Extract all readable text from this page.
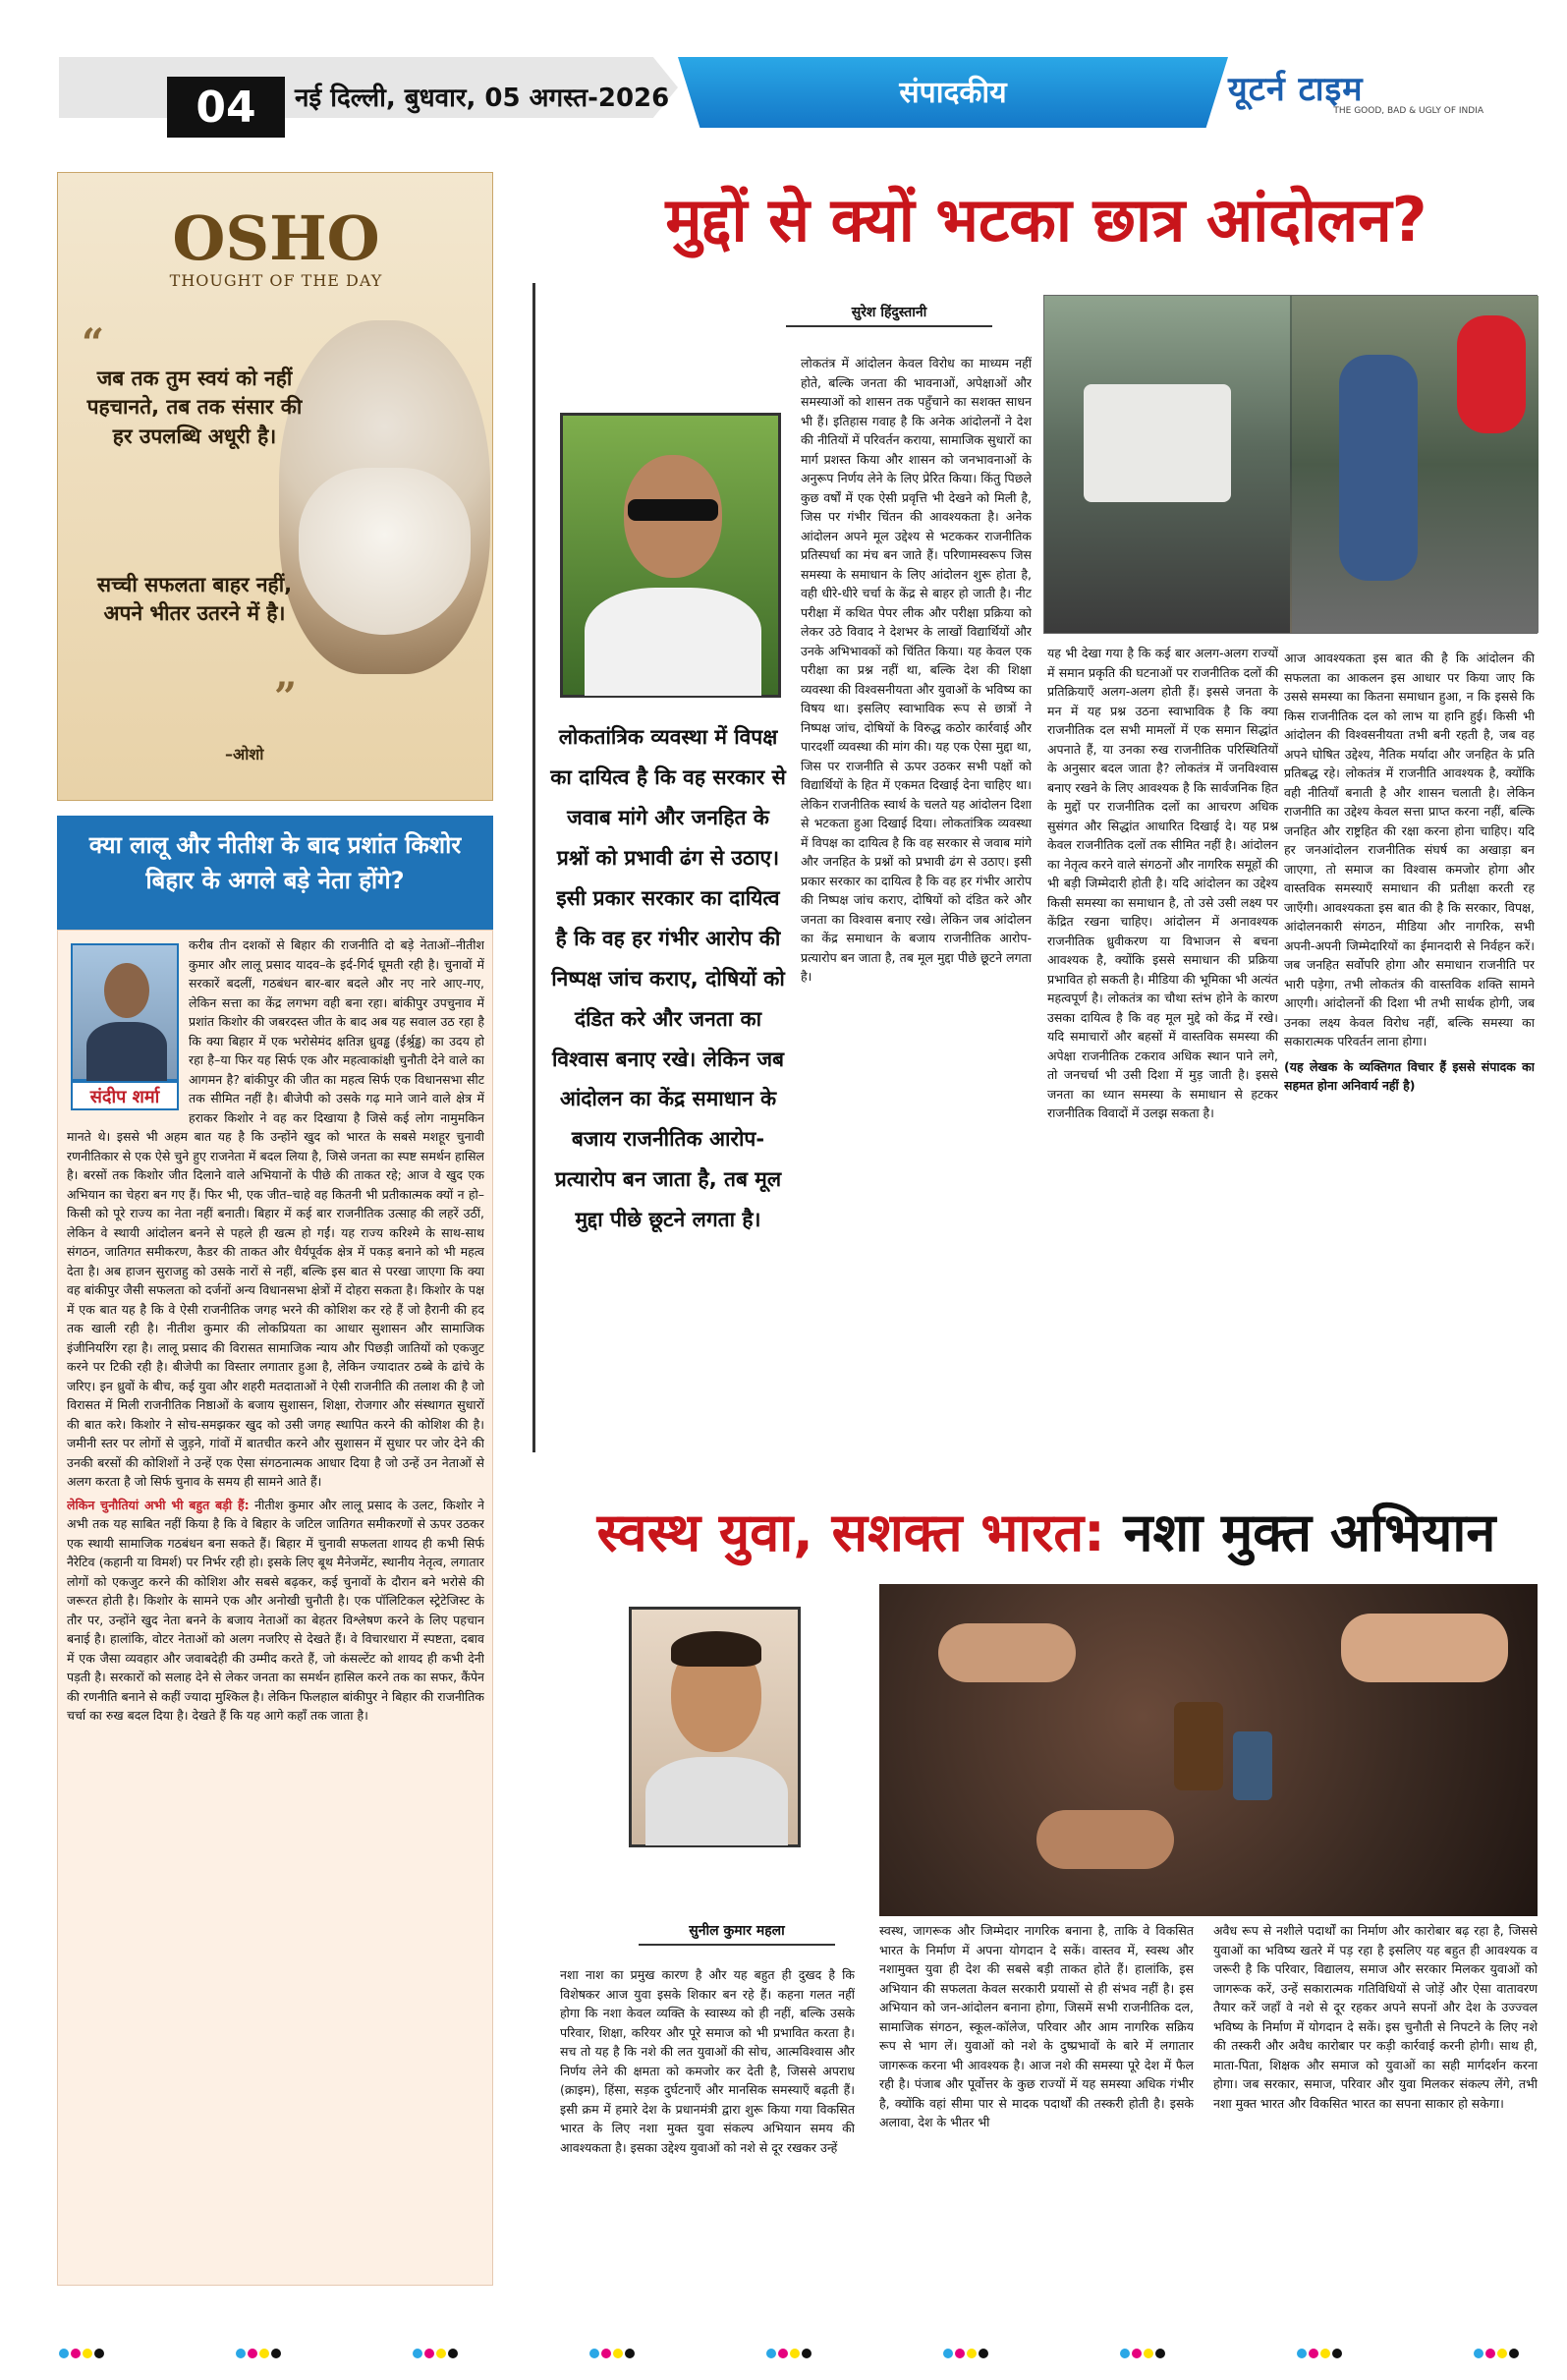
04	नई दिल्ली, बुधवार, 05 अगस्त-2026	संपादकीय	यूटर्न टाइम
THE GOOD, BAD & UGLY OF INDIA
OSHO
THOUGHT OF THE DAY
“
जब तक तुम स्वयं को नहीं पहचानते, तब तक संसार की हर उपलब्धि अधूरी है।
सच्ची सफलता बाहर नहीं, अपने भीतर उतरने में है।
”
–ओशो
क्या लालू और नीतीश के बाद प्रशांत किशोर बिहार के अगले बड़े नेता होंगे?
संदीप शर्मा

करीब तीन दशकों से बिहार की राजनीति दो बड़े नेताओं–नीतीश कुमार और लालू प्रसाद यादव–के इर्द-गिर्द घूमती रही है। चुनावों में सरकारें बदलीं, गठबंधन बार-बार बदले और नए नारे आए-गए, लेकिन सत्ता का केंद्र लगभग वही बना रहा। बांकीपुर उपचुनाव में प्रशांत किशोर की जबरदस्त जीत के बाद अब यह सवाल उठ रहा है कि क्या बिहार में एक भरोसेमंद क्षतिज्ञ ध्रुवड्ढ (ईर्श्र्रड्ढ) का उदय हो रहा है–या फिर यह सिर्फ एक और महत्वाकांक्षी चुनौती देने वाले का आगमन है? बांकीपुर की जीत का महत्व सिर्फ एक विधानसभा सीट तक सीमित नहीं है। बीजेपी को उसके गढ़ माने जाने वाले क्षेत्र में हराकर किशोर ने वह कर दिखाया है जिसे कई लोग नामुमकिन मानते थे। इससे भी अहम बात यह है कि उन्होंने खुद को भारत के सबसे मशहूर चुनावी रणनीतिकार से एक ऐसे चुने हुए राजनेता में बदल लिया है, जिसे जनता का स्पष्ट समर्थन हासिल है। बरसों तक किशोर जीत दिलाने वाले अभियानों के पीछे की ताकत रहे; आज वे खुद एक अभियान का चेहरा बन गए हैं। फिर भी, एक जीत–चाहे वह कितनी भी प्रतीकात्मक क्यों न हो–किसी को पूरे राज्य का नेता नहीं बनाती। बिहार में कई बार राजनीतिक उत्साह की लहरें उठीं, लेकिन वे स्थायी आंदोलन बनने से पहले ही खत्म हो गईं। यह राज्य करिश्मे के साथ-साथ संगठन, जातिगत समीकरण, कैडर की ताकत और धैर्यपूर्वक क्षेत्र में पकड़ बनाने को भी महत्व देता है। अब हाजन सुराजहु को उसके नारों से नहीं, बल्कि इस बात से परखा जाएगा कि क्या वह बांकीपुर जैसी सफलता को दर्जनों अन्य विधानसभा क्षेत्रों में दोहरा सकता है। किशोर के पक्ष में एक बात यह है कि वे ऐसी राजनीतिक जगह भरने की कोशिश कर रहे हैं जो हैरानी की हद तक खाली रही है। नीतीश कुमार की लोकप्रियता का आधार सुशासन और सामाजिक इंजीनियरिंग रहा है। लालू प्रसाद की विरासत सामाजिक न्याय और पिछड़ी जातियों को एकजुट करने पर टिकी रही है। बीजेपी का विस्तार लगातार हुआ है, लेकिन ज्यादातर ठब्बे के ढांचे के जरिए। इन ध्रुवों के बीच, कई युवा और शहरी मतदाताओं ने ऐसी राजनीति की तलाश की है जो विरासत में मिली राजनीतिक निष्ठाओं के बजाय सुशासन, शिक्षा, रोजगार और संस्थागत सुधारों की बात करे। किशोर ने सोच-समझकर खुद को उसी जगह स्थापित करने की कोशिश की है। जमीनी स्तर पर लोगों से जुड़ने, गांवों में बातचीत करने और सुशासन में सुधार पर जोर देने की उनकी बरसों की कोशिशों ने उन्हें एक ऐसा संगठनात्मक आधार दिया है जो उन्हें उन नेताओं से अलग करता है जो सिर्फ चुनाव के समय ही सामने आते हैं।

लेकिन चुनौतियां अभी भी बहुत बड़ी हैं: नीतीश कुमार और लालू प्रसाद के उलट, किशोर ने अभी तक यह साबित नहीं किया है कि वे बिहार के जटिल जातिगत समीकरणों से ऊपर उठकर एक स्थायी सामाजिक गठबंधन बना सकते हैं। बिहार में चुनावी सफलता शायद ही कभी सिर्फ नैरेटिव (कहानी या विमर्श) पर निर्भर रही हो। इसके लिए बूथ मैनेजमेंट, स्थानीय नेतृत्व, लगातार लोगों को एकजुट करने की कोशिश और सबसे बढ़कर, कई चुनावों के दौरान बने भरोसे की जरूरत होती है। किशोर के सामने एक और अनोखी चुनौती है। एक पॉलिटिकल स्ट्रेटेजिस्ट के तौर पर, उन्होंने खुद नेता बनने के बजाय नेताओं का बेहतर विश्लेषण करने के लिए पहचान बनाई है। हालांकि, वोटर नेताओं को अलग नजरिए से देखते हैं। वे विचारधारा में स्पष्टता, दबाव में एक जैसा व्यवहार और जवाबदेही की उम्मीद करते हैं, जो कंसल्टेंट को शायद ही कभी देनी पड़ती है। सरकारों को सलाह देने से लेकर जनता का समर्थन हासिल करने तक का सफर, कैंपेन की रणनीति बनाने से कहीं ज्यादा मुश्किल है। लेकिन फिलहाल बांकीपुर ने बिहार की राजनीतिक चर्चा का रुख बदल दिया है। देखते हैं कि यह आगे कहाँ तक जाता है।

मुद्दों से क्यों भटका छात्र आंदोलन?
सुरेश हिंदुस्तानी
लोकतांत्रिक व्यवस्था में विपक्ष का दायित्व है कि वह सरकार से जवाब मांगे और जनहित के प्रश्नों को प्रभावी ढंग से उठाए। इसी प्रकार सरकार का दायित्व है कि वह हर गंभीर आरोप की निष्पक्ष जांच कराए, दोषियों को दंडित करे और जनता का विश्वास बनाए रखे। लेकिन जब आंदोलन का केंद्र समाधान के बजाय राजनीतिक आरोप-प्रत्यारोप बन जाता है, तब मूल मुद्दा पीछे छूटने लगता है।
लोकतंत्र में आंदोलन केवल विरोध का माध्यम नहीं होते, बल्कि जनता की भावनाओं, अपेक्षाओं और समस्याओं को शासन तक पहुँचाने का सशक्त साधन भी हैं। इतिहास गवाह है कि अनेक आंदोलनों ने देश की नीतियों में परिवर्तन कराया, सामाजिक सुधारों का मार्ग प्रशस्त किया और शासन को जनभावनाओं के अनुरूप निर्णय लेने के लिए प्रेरित किया। किंतु पिछले कुछ वर्षों में एक ऐसी प्रवृत्ति भी देखने को मिली है, जिस पर गंभीर चिंतन की आवश्यकता है। अनेक आंदोलन अपने मूल उद्देश्य से भटककर राजनीतिक प्रतिस्पर्धा का मंच बन जाते हैं। परिणामस्वरूप जिस समस्या के समाधान के लिए आंदोलन शुरू होता है, वही धीरे-धीरे चर्चा के केंद्र से बाहर हो जाती है। नीट परीक्षा में कथित पेपर लीक और परीक्षा प्रक्रिया को लेकर उठे विवाद ने देशभर के लाखों विद्यार्थियों और उनके अभिभावकों को चिंतित किया। यह केवल एक परीक्षा का प्रश्न नहीं था, बल्कि देश की शिक्षा व्यवस्था की विश्वसनीयता और युवाओं के भविष्य का विषय था। इसलिए स्वाभाविक रूप से छात्रों ने निष्पक्ष जांच, दोषियों के विरुद्ध कठोर कार्रवाई और पारदर्शी व्यवस्था की मांग की। यह एक ऐसा मुद्दा था, जिस पर राजनीति से ऊपर उठकर सभी पक्षों को विद्यार्थियों के हित में एकमत दिखाई देना चाहिए था। लेकिन राजनीतिक स्वार्थ के चलते यह आंदोलन दिशा से भटकता हुआ दिखाई दिया। लोकतांत्रिक व्यवस्था में विपक्ष का दायित्व है कि वह सरकार से जवाब मांगे और जनहित के प्रश्नों को प्रभावी ढंग से उठाए। इसी प्रकार सरकार का दायित्व है कि वह हर गंभीर आरोप की निष्पक्ष जांच कराए, दोषियों को दंडित करे और जनता का विश्वास बनाए रखे। लेकिन जब आंदोलन का केंद्र समाधान के बजाय राजनीतिक आरोप-प्रत्यारोप बन जाता है, तब मूल मुद्दा पीछे छूटने लगता है।
यह भी देखा गया है कि कई बार अलग-अलग राज्यों में समान प्रकृति की घटनाओं पर राजनीतिक दलों की प्रतिक्रियाएँ अलग-अलग होती हैं। इससे जनता के मन में यह प्रश्न उठना स्वाभाविक है कि क्या राजनीतिक दल सभी मामलों में एक समान सिद्धांत अपनाते हैं, या उनका रुख राजनीतिक परिस्थितियों के अनुसार बदल जाता है? लोकतंत्र में जनविश्वास बनाए रखने के लिए आवश्यक है कि सार्वजनिक हित के मुद्दों पर राजनीतिक दलों का आचरण अधिक सुसंगत और सिद्धांत आधारित दिखाई दे। यह प्रश्न केवल राजनीतिक दलों तक सीमित नहीं है। आंदोलन का नेतृत्व करने वाले संगठनों और नागरिक समूहों की भी बड़ी जिम्मेदारी होती है। यदि आंदोलन का उद्देश्य किसी समस्या का समाधान है, तो उसे उसी लक्ष्य पर केंद्रित रखना चाहिए। आंदोलन में अनावश्यक राजनीतिक ध्रुवीकरण या विभाजन से बचना आवश्यक है, क्योंकि इससे समाधान की प्रक्रिया प्रभावित हो सकती है। मीडिया की भूमिका भी अत्यंत महत्वपूर्ण है। लोकतंत्र का चौथा स्तंभ होने के कारण उसका दायित्व है कि वह मूल मुद्दे को केंद्र में रखे। यदि समाचारों और बहसों में वास्तविक समस्या की अपेक्षा राजनीतिक टकराव अधिक स्थान पाने लगे, तो जनचर्चा भी उसी दिशा में मुड़ जाती है। इससे जनता का ध्यान समस्या के समाधान से हटकर राजनीतिक विवादों में उलझ सकता है।
आज आवश्यकता इस बात की है कि आंदोलन की सफलता का आकलन इस आधार पर किया जाए कि उससे समस्या का कितना समाधान हुआ, न कि इससे कि किस राजनीतिक दल को लाभ या हानि हुई। किसी भी आंदोलन की विश्वसनीयता तभी बनी रहती है, जब वह अपने घोषित उद्देश्य, नैतिक मर्यादा और जनहित के प्रति प्रतिबद्ध रहे। लोकतंत्र में राजनीति आवश्यक है, क्योंकि वही नीतियाँ बनाती है और शासन चलाती है। लेकिन राजनीति का उद्देश्य केवल सत्ता प्राप्त करना नहीं, बल्कि जनहित और राष्ट्रहित की रक्षा करना होना चाहिए। यदि हर जनआंदोलन राजनीतिक संघर्ष का अखाड़ा बन जाएगा, तो समाज का विश्वास कमजोर होगा और वास्तविक समस्याएँ समाधान की प्रतीक्षा करती रह जाएँगी। आवश्यकता इस बात की है कि सरकार, विपक्ष, आंदोलनकारी संगठन, मीडिया और नागरिक, सभी अपनी-अपनी जिम्मेदारियों का ईमानदारी से निर्वहन करें। जब जनहित सर्वोपरि होगा और समाधान राजनीति पर भारी पड़ेगा, तभी लोकतंत्र की वास्तविक शक्ति सामने आएगी। आंदोलनों की दिशा भी तभी सार्थक होगी, जब उनका लक्ष्य केवल विरोध नहीं, बल्कि समस्या का सकारात्मक परिवर्तन लाना होगा।
(यह लेखक के व्यक्तिगत विचार हैं इससे संपादक का सहमत होना अनिवार्य नहीं है)
स्वस्थ युवा, सशक्त भारत: नशा मुक्त अभियान
सुनील कुमार महला
नशा नाश का प्रमुख कारण है और यह बहुत ही दुखद है कि विशेषकर आज युवा इसके शिकार बन रहे हैं। कहना गलत नहीं होगा कि नशा केवल व्यक्ति के स्वास्थ्य को ही नहीं, बल्कि उसके परिवार, शिक्षा, करियर और पूरे समाज को भी प्रभावित करता है। सच तो यह है कि नशे की लत युवाओं की सोच, आत्मविश्वास और निर्णय लेने की क्षमता को कमजोर कर देती है, जिससे अपराध (क्राइम), हिंसा, सड़क दुर्घटनाएँ और मानसिक समस्याएँ बढ़ती हैं। इसी क्रम में हमारे देश के प्रधानमंत्री द्वारा शुरू किया गया विकसित भारत के लिए नशा मुक्त युवा संकल्प अभियान समय की आवश्यकता है। इसका उद्देश्य युवाओं को नशे से दूर रखकर उन्हें
स्वस्थ, जागरूक और जिम्मेदार नागरिक बनाना है, ताकि वे विकसित भारत के निर्माण में अपना योगदान दे सकें। वास्तव में, स्वस्थ और नशामुक्त युवा ही देश की सबसे बड़ी ताकत होते हैं। हालांकि, इस अभियान की सफलता केवल सरकारी प्रयासों से ही संभव नहीं है। इस अभियान को जन-आंदोलन बनाना होगा, जिसमें सभी राजनीतिक दल, सामाजिक संगठन, स्कूल-कॉलेज, परिवार और आम नागरिक सक्रिय रूप से भाग लें। युवाओं को नशे के दुष्प्रभावों के बारे में लगातार जागरूक करना भी आवश्यक है। आज नशे की समस्या पूरे देश में फैल रही है। पंजाब और पूर्वोत्तर के कुछ राज्यों में यह समस्या अधिक गंभीर है, क्योंकि वहां सीमा पार से मादक पदार्थों की तस्करी होती है। इसके अलावा, देश के भीतर भी
अवैध रूप से नशीले पदार्थों का निर्माण और कारोबार बढ़ रहा है, जिससे युवाओं का भविष्य खतरे में पड़ रहा है इसलिए यह बहुत ही आवश्यक व जरूरी है कि परिवार, विद्यालय, समाज और सरकार मिलकर युवाओं को जागरूक करें, उन्हें सकारात्मक गतिविधियों से जोड़ें और ऐसा वातावरण तैयार करें जहाँ वे नशे से दूर रहकर अपने सपनों और देश के उज्ज्वल भविष्य के निर्माण में योगदान दे सकें। इस चुनौती से निपटने के लिए नशे की तस्करी और अवैध कारोबार पर कड़ी कार्रवाई करनी होगी। साथ ही, माता-पिता, शिक्षक और समाज को युवाओं का सही मार्गदर्शन करना होगा। जब सरकार, समाज, परिवार और युवा मिलकर संकल्प लेंगे, तभी नशा मुक्त भारत और विकसित भारत का सपना साकार हो सकेगा।
